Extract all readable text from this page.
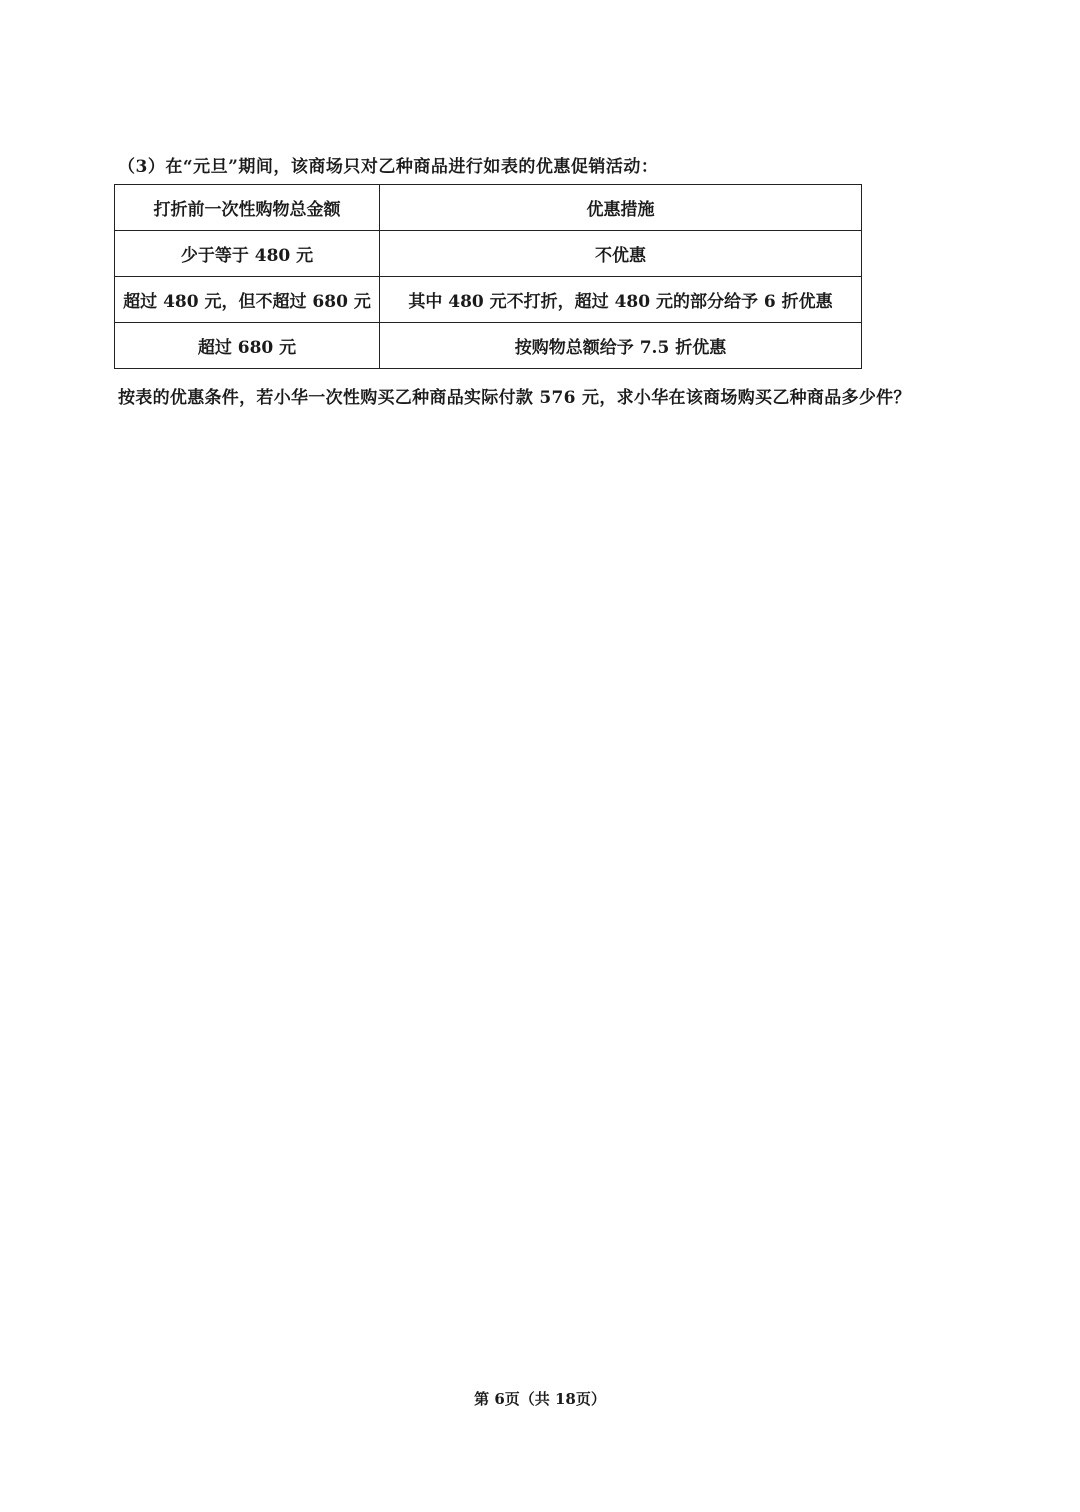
（3）在“元旦”期间，该商场只对乙种商品进行如表的优惠促销活动：
打折前一次性购物总金额	优惠措施
少于等于 480 元	不优惠
超过 480 元，但不超过 680 元	其中 480 元不打折，超过 480 元的部分给予 6 折优惠
超过 680 元	按购物总额给予 7.5 折优惠
按表的优惠条件，若小华一次性购买乙种商品实际付款 576 元，求小华在该商场购买乙种商品多少件？
第 6页（共 18页）
